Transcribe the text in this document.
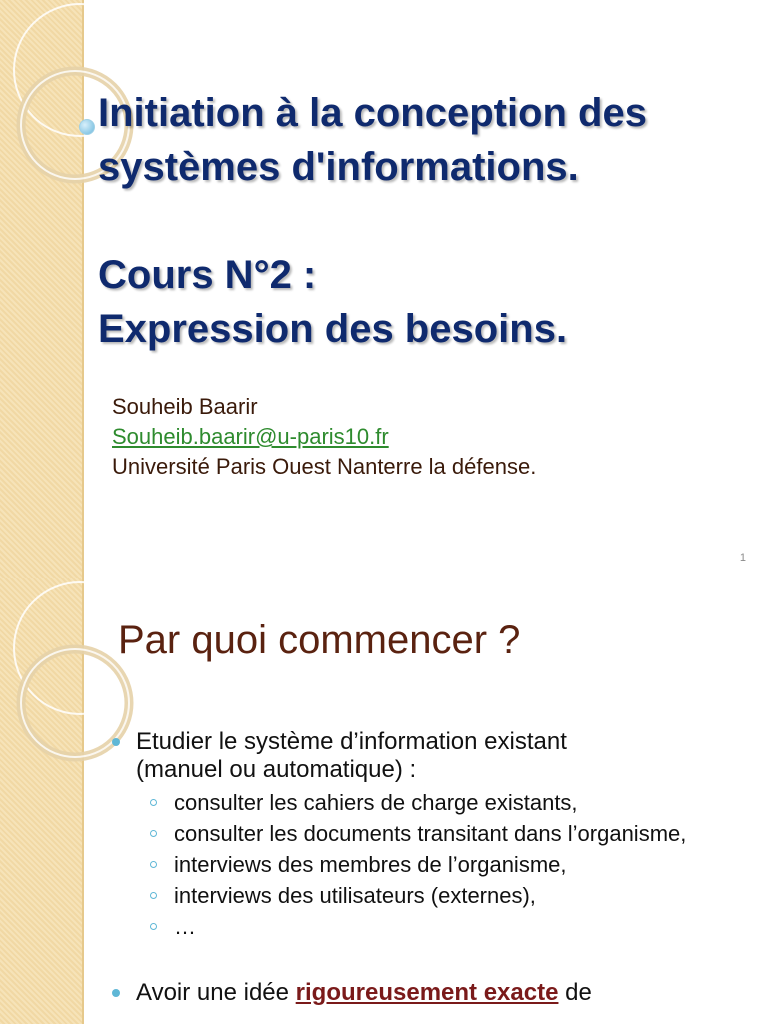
Initiation à la conception des
systèmes d'informations.
Cours N°2 :
Expression des besoins.
Souheib Baarir
Souheib.baarir@u-paris10.fr
Université Paris Ouest Nanterre la défense.
1
Par quoi commencer ?
Etudier le système d’information existant
(manuel ou automatique) :
consulter les cahiers de charge existants,
consulter les documents transitant dans l’organisme,
interviews des membres de l’organisme,
interviews des utilisateurs (externes),
…
Avoir une idée rigoureusement exacte de
